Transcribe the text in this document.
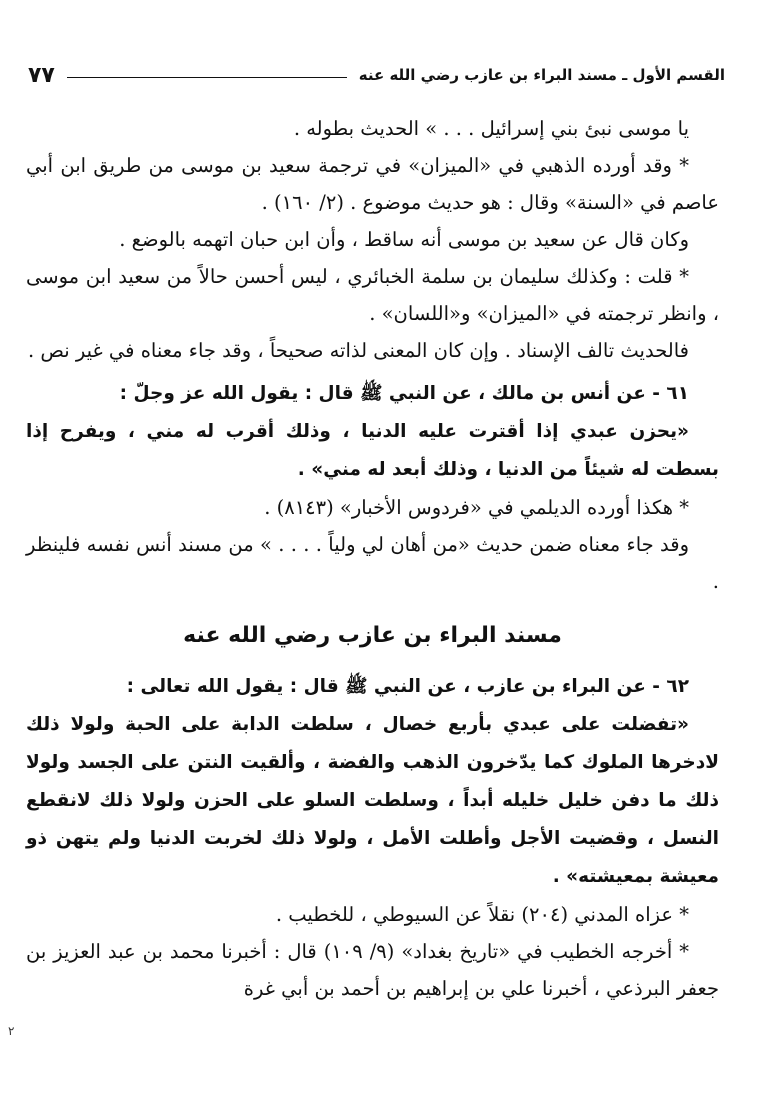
القسم الأول ـ مسند البراء بن عازب رضي الله عنه
٧٧

يا موسى نبئ بني إسرائيل . . . » الحديث بطوله .

* وقد أورده الذهبي في «الميزان» في ترجمة سعيد بن موسى من طريق ابن أبي عاصم في «السنة» وقال : هو حديث موضوع . (٢/ ١٦٠) .

وكان قال عن سعيد بن موسى أنه ساقط ، وأن ابن حبان اتهمه بالوضع .

* قلت : وكذلك سليمان بن سلمة الخبائري ، ليس أحسن حالاً من سعيد ابن موسى ، وانظر ترجمته في «الميزان» و«اللسان» .

فالحديث تالف الإسناد . وإن كان المعنى لذاته صحيحاً ، وقد جاء معناه في غير نص .

٦١ - عن أنس بن مالك ، عن النبي ﷺ قال : يقول الله عز وجلّ :

«يحزن عبدي إذا أقترت عليه الدنيا ، وذلك أقرب له مني ، ويفرح إذا بسطت له شيئاً من الدنيا ، وذلك أبعد له مني» .

* هكذا أورده الديلمي في «فردوس الأخبار» (٨١٤٣) .

وقد جاء معناه ضمن حديث «من أهان لي ولياً . . . . » من مسند أنس نفسه فلينظر .

مسند البراء بن عازب رضي الله عنه

٦٢ - عن البراء بن عازب ، عن النبي ﷺ قال : يقول الله تعالى :

«تفضلت على عبدي بأربع خصال ، سلطت الدابة على الحبة ولولا ذلك لادخرها الملوك كما يدّخرون الذهب والفضة ، وألقيت النتن على الجسد ولولا ذلك ما دفن خليل خليله أبداً ، وسلطت السلو على الحزن ولولا ذلك لانقطع النسل ، وقضيت الأجل وأطلت الأمل ، ولولا ذلك لخربت الدنيا ولم يتهن ذو معيشة بمعيشته» .

* عزاه المدني (٢٠٤) نقلاً عن السيوطي ، للخطيب .

* أخرجه الخطيب في «تاريخ بغداد» (٩/ ١٠٩) قال : أخبرنا محمد بن عبد العزيز بن جعفر البرذعي ، أخبرنا علي بن إبراهيم بن أحمد بن أبي غرة

٢
